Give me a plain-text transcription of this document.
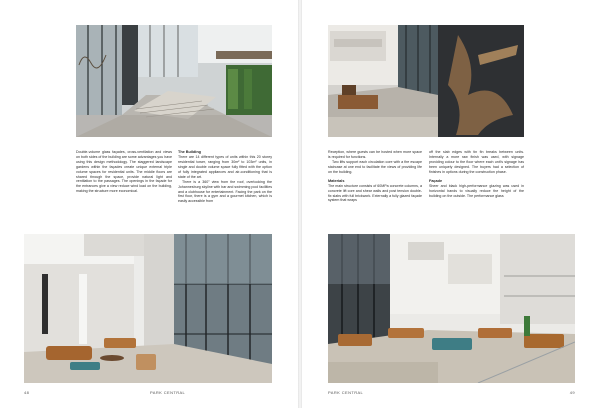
Double-volume glass façades, cross-ventilation and views on both sides of the building are some advantages you have using this design methodology. The staggered landscape gardens within the façades create unique external triple volume spaces for residential units. The middle floors are shared through the space, provide natural light and ventilation to the passages. The openings in the façade for the entrances give a view reduce wind load on the building, making the structure more economical.

The Building

There are 14 different types of units within this 20 storey residential tower, ranging from 30m² to 103m² units, in single and double volume space fully fitted with the option of fully integrated appliances and air-conditioning that is state of the art.

There is a 360° view from the roof, overlooking the Johannesburg skyline with bar and swimming pool facilities and a clubhouse for entertainment. Facing the park on the first floor, there is a gym and a gourmet kitchen, which is easily accessible from

48	PARK CENTRAL

Reception, where guests can be hosted when more space is required for functions.

Two lifts support each circulation core with a fire escape staircase at one end to facilitate the views of providing life on the building.

Materials

The main structure consists of 60MPa concrete columns, a concrete lift core and shear walls and post tension double-fix slabs with full brickwork. Externally a fully glazed façade system that wraps

off the slab edges with tin fin breaks between units. Internally a more raw finish was used, with signage providing colour to the floor where each unit's signage has been uniquely designed. The buyers had a selection of finishes in options during the construction phase.

Façade

Sheer and black high-performance glazing was used in horizontal bands to visually reduce the height of the building on the outside. The performance glass

PARK CENTRAL	49
